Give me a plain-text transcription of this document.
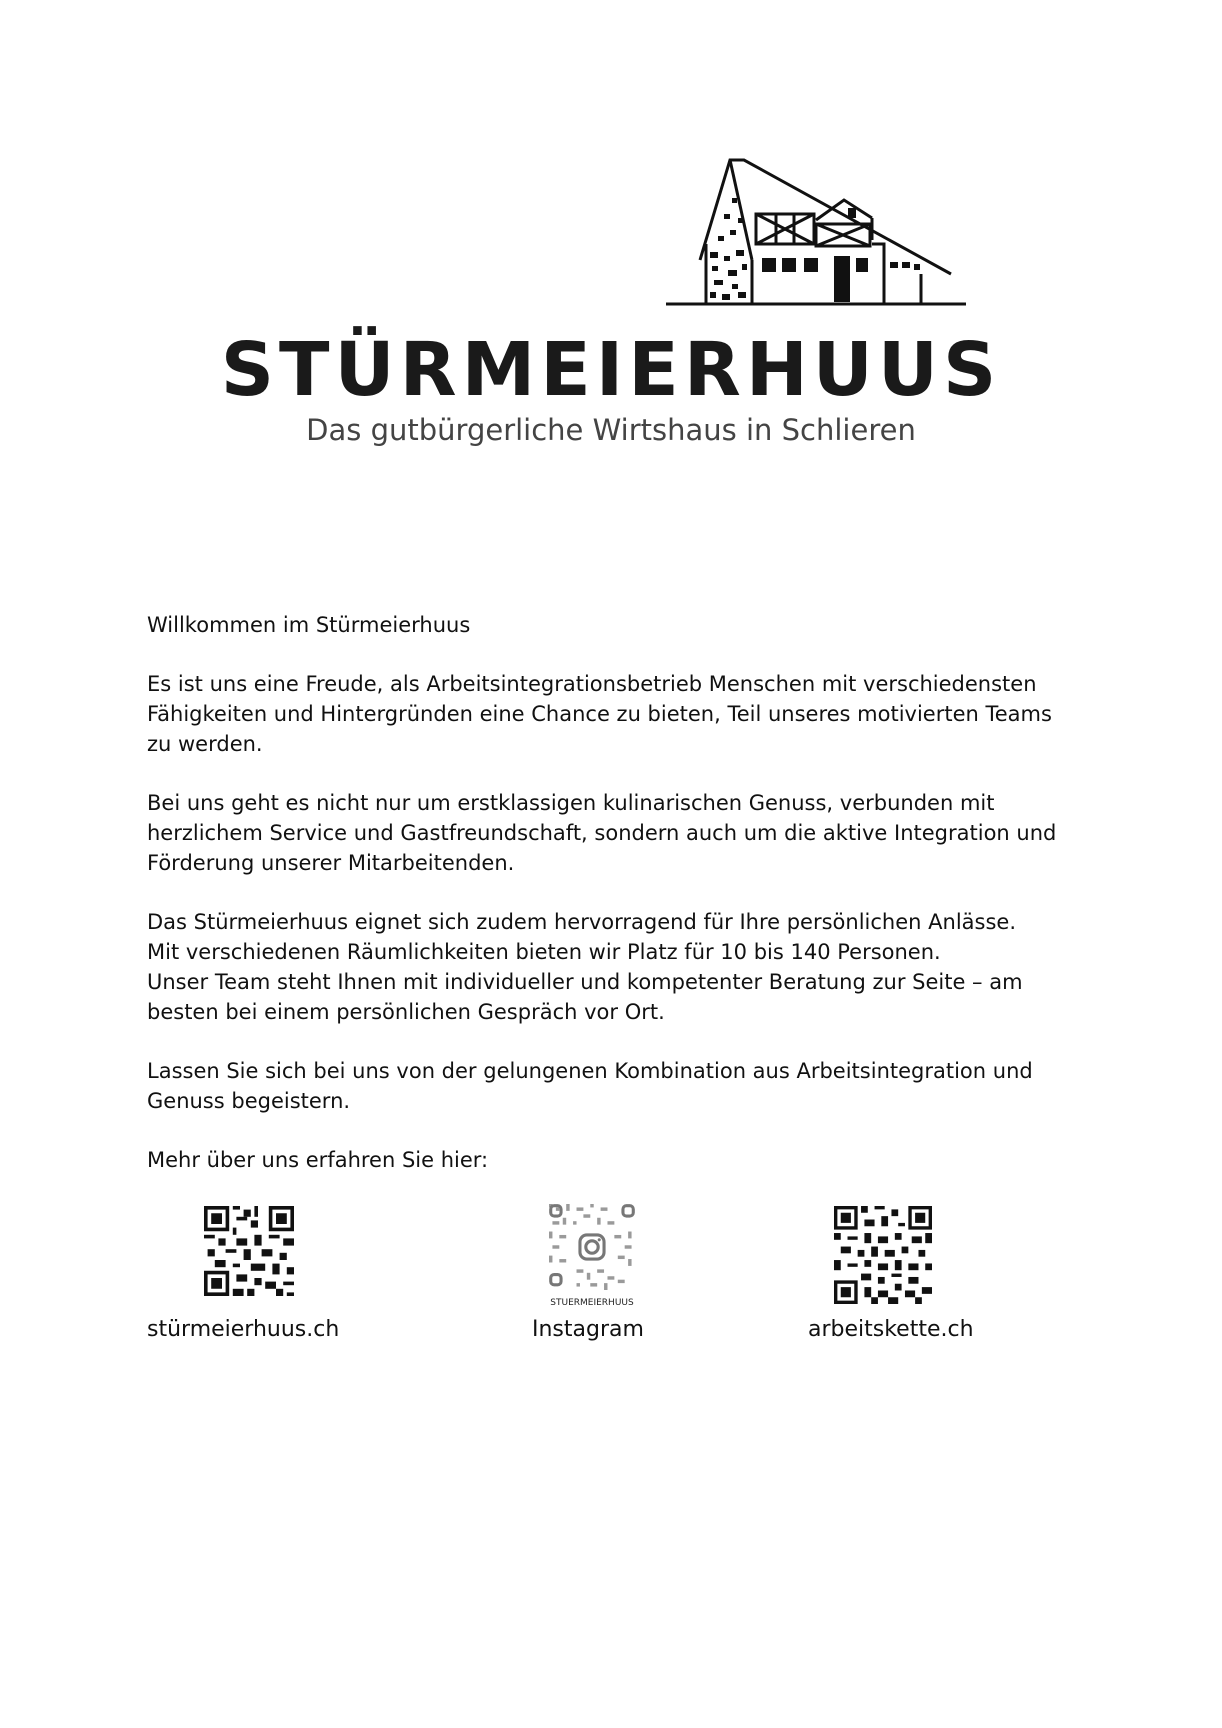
STÜRMEIERHUUS
Das gutbürgerliche Wirtshaus in Schlieren

Willkommen im Stürmeierhuus

Es ist uns eine Freude, als Arbeitsintegrationsbetrieb Menschen mit verschiedensten
Fähigkeiten und Hintergründen eine Chance zu bieten, Teil unseres motivierten Teams
zu werden.

Bei uns geht es nicht nur um erstklassigen kulinarischen Genuss, verbunden mit
herzlichem Service und Gastfreundschaft, sondern auch um die aktive Integration und
Förderung unserer Mitarbeitenden.

Das Stürmeierhuus eignet sich zudem hervorragend für Ihre persönlichen Anlässe.
Mit verschiedenen Räumlichkeiten bieten wir Platz für 10 bis 140 Personen.
Unser Team steht Ihnen mit individueller und kompetenter Beratung zur Seite – am
besten bei einem persönlichen Gespräch vor Ort.

Lassen Sie sich bei uns von der gelungenen Kombination aus Arbeitsintegration und
Genuss begeistern.

Mehr über uns erfahren Sie hier:

STUERMEIERHUUS
stürmeierhuus.ch	Instagram	arbeitskette.ch
